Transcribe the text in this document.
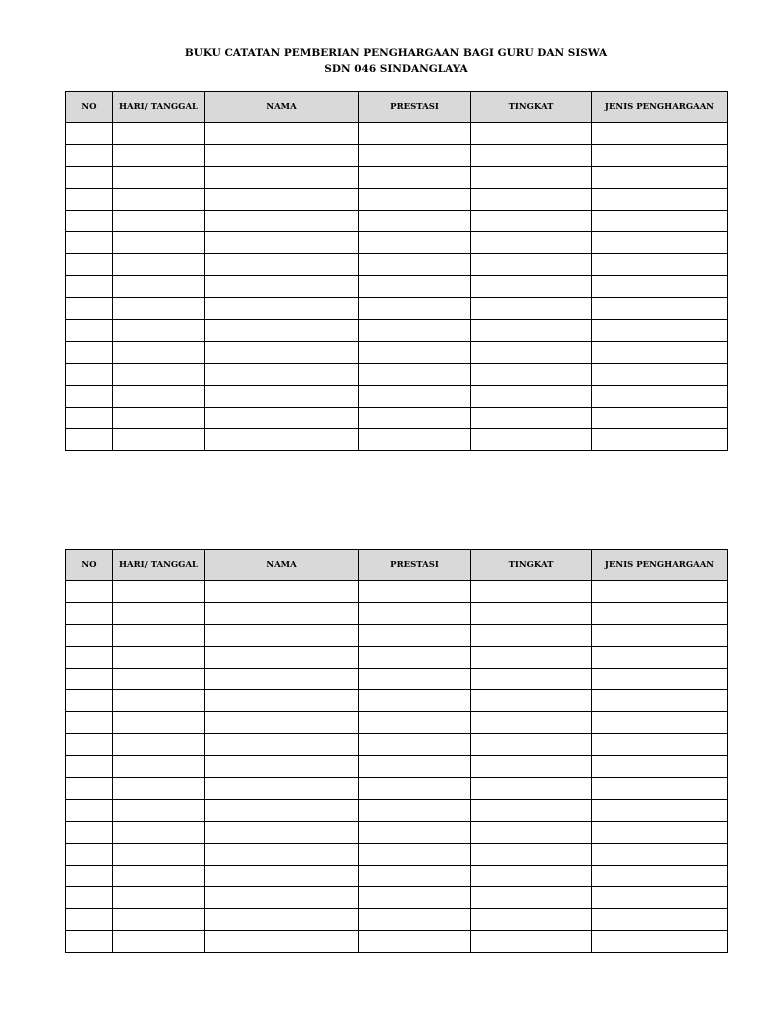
BUKU CATATAN PEMBERIAN PENGHARGAAN BAGI GURU DAN SISWA
SDN 046 SINDANGLAYA
NO	HARI/ TANGGAL	NAMA	PRESTASI	TINGKAT	JENIS PENGHARGAAN

NO	HARI/ TANGGAL	NAMA	PRESTASI	TINGKAT	JENIS PENGHARGAAN
